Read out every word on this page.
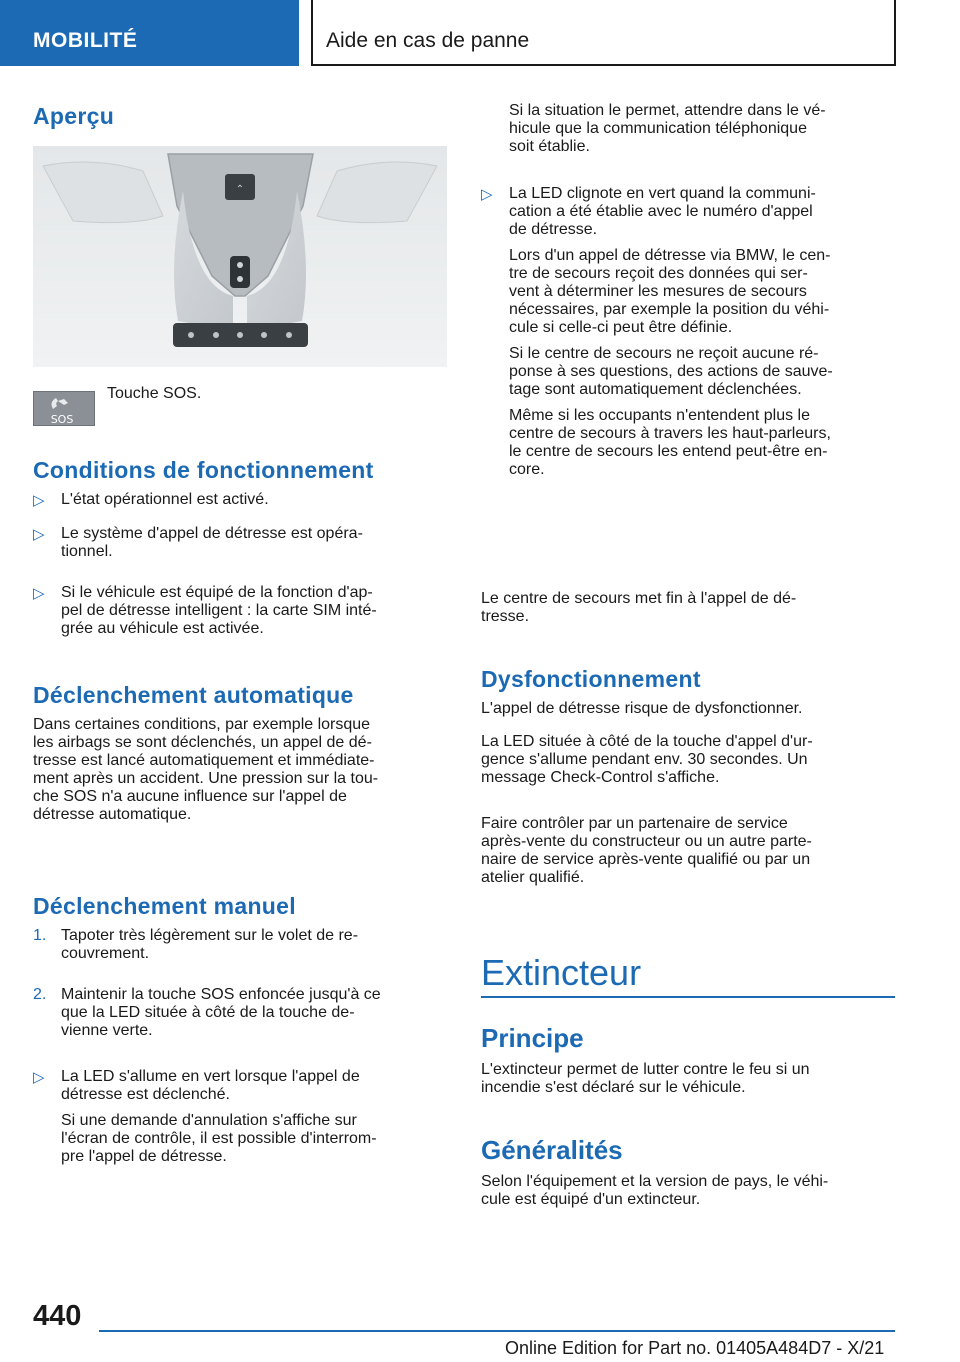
MOBILITÉ	Aide en cas de panne
Aperçu
⌃
SOS
Touche SOS.
Conditions de fonctionnement
▷ L'état opérationnel est activé.
▷ Le système d'appel de détresse est opéra-
tionnel.
▷ Si le véhicule est équipé de la fonction d'ap-
pel de détresse intelligent : la carte SIM inté-
grée au véhicule est activée.
Déclenchement automatique
Dans certaines conditions, par exemple lorsque
les airbags se sont déclenchés, un appel de dé-
tresse est lancé automatiquement et immédiate-
ment après un accident. Une pression sur la tou-
che SOS n'a aucune influence sur l'appel de
détresse automatique.
Déclenchement manuel
1. Tapoter très légèrement sur le volet de re-
couvrement.
2. Maintenir la touche SOS enfoncée jusqu'à ce
que la LED située à côté de la touche de-
vienne verte.
▷ La LED s'allume en vert lorsque l'appel de
détresse est déclenché.
Si une demande d'annulation s'affiche sur
l'écran de contrôle, il est possible d'interrom-
pre l'appel de détresse.
Si la situation le permet, attendre dans le vé-
hicule que la communication téléphonique
soit établie.
▷ La LED clignote en vert quand la communi-
cation a été établie avec le numéro d'appel
de détresse.
Lors d'un appel de détresse via BMW, le cen-
tre de secours reçoit des données qui ser-
vent à déterminer les mesures de secours
nécessaires, par exemple la position du véhi-
cule si celle-ci peut être définie.
Si le centre de secours ne reçoit aucune ré-
ponse à ses questions, des actions de sauve-
tage sont automatiquement déclenchées.
Même si les occupants n'entendent plus le
centre de secours à travers les haut-parleurs,
le centre de secours les entend peut-être en-
core.
Le centre de secours met fin à l'appel de dé-
tresse.
Dysfonctionnement
L'appel de détresse risque de dysfonctionner.
La LED située à côté de la touche d'appel d'ur-
gence s'allume pendant env. 30 secondes. Un
message Check-Control s'affiche.
Faire contrôler par un partenaire de service
après-vente du constructeur ou un autre parte-
naire de service après-vente qualifié ou par un
atelier qualifié.
Extincteur
Principe
L'extincteur permet de lutter contre le feu si un
incendie s'est déclaré sur le véhicule.
Généralités
Selon l'équipement et la version de pays, le véhi-
cule est équipé d'un extincteur.
440
Online Edition for Part no. 01405A484D7 - X/21
